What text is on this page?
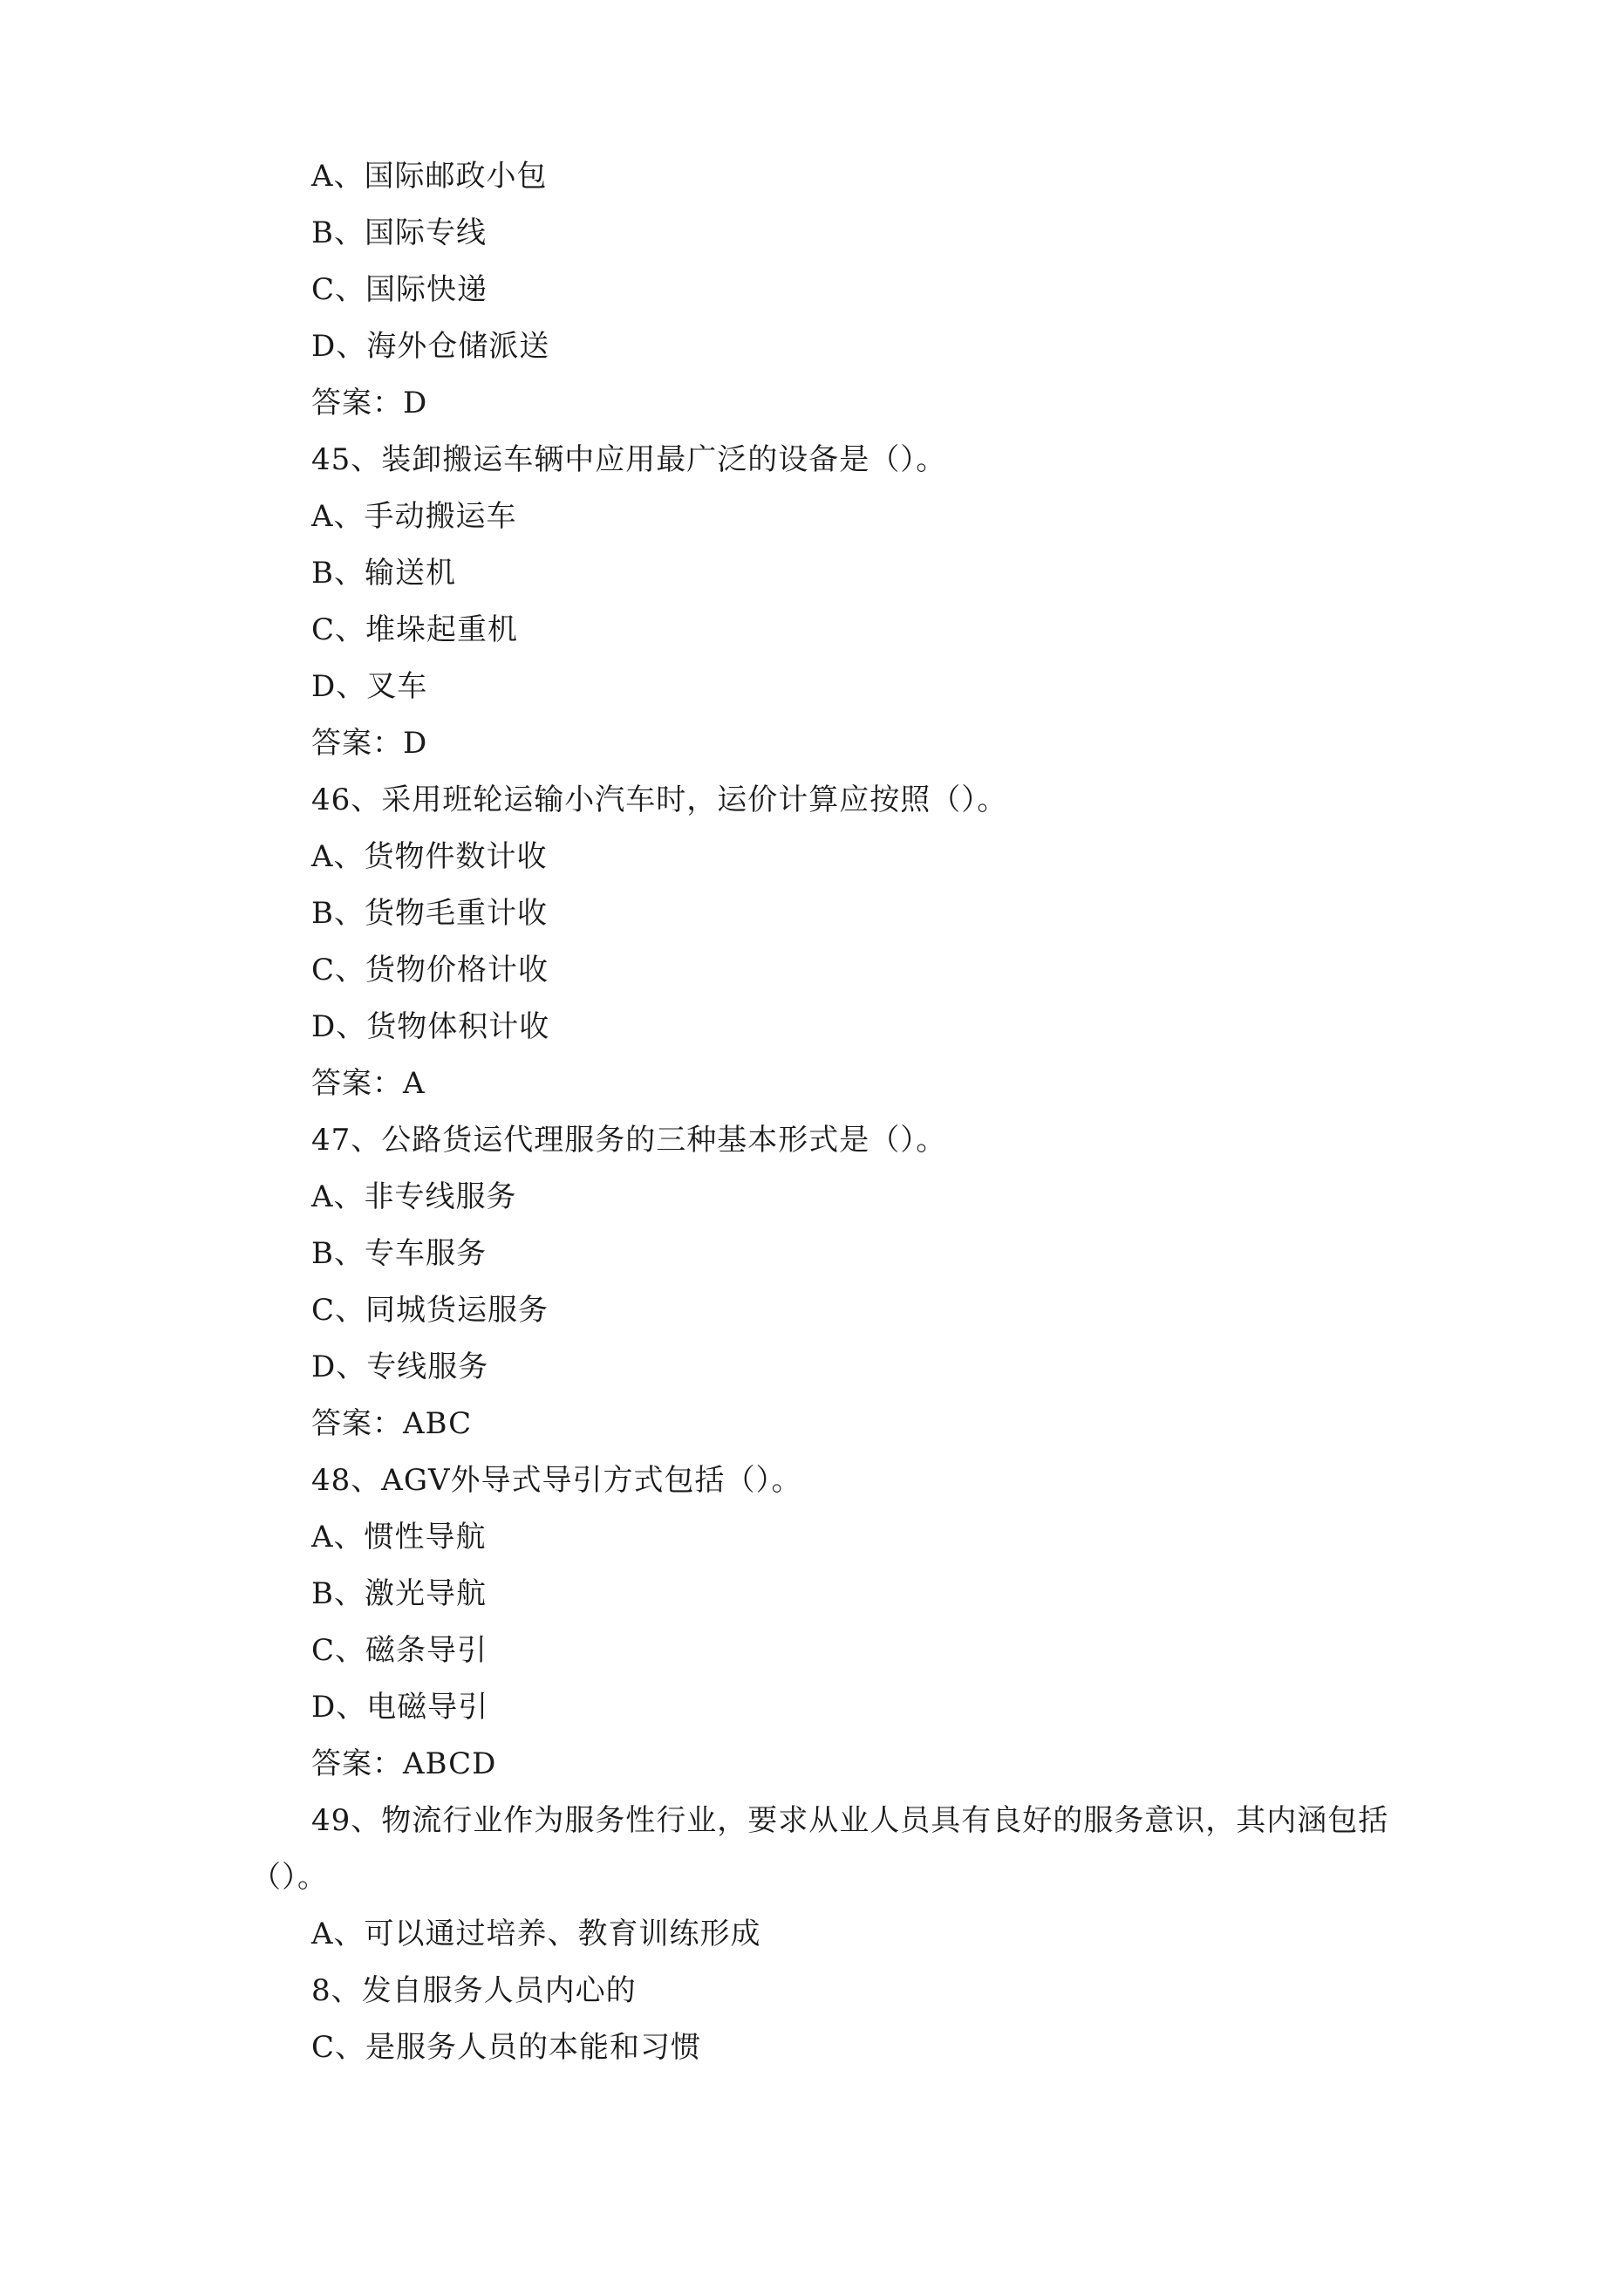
A、国际邮政小包
B、国际专线
C、国际快递
D、海外仓储派送
答案：D
45、装卸搬运车辆中应用最广泛的设备是（）。
A、手动搬运车
B、输送机
C、堆垛起重机
D、叉车
答案：D
46、采用班轮运输小汽车时，运价计算应按照（）。
A、货物件数计收
B、货物毛重计收
C、货物价格计收
D、货物体积计收
答案：A
47、公路货运代理服务的三种基本形式是（）。
A、非专线服务
B、专车服务
C、同城货运服务
D、专线服务
答案：ABC
48、AGV外导式导引方式包括（）。
A、惯性导航
B、激光导航
C、磁条导引
D、电磁导引
答案：ABCD
49、物流行业作为服务性行业，要求从业人员具有良好的服务意识，其内涵包括
（）。
A、可以通过培养、教育训练形成
8、发自服务人员内心的
C、是服务人员的本能和习惯
